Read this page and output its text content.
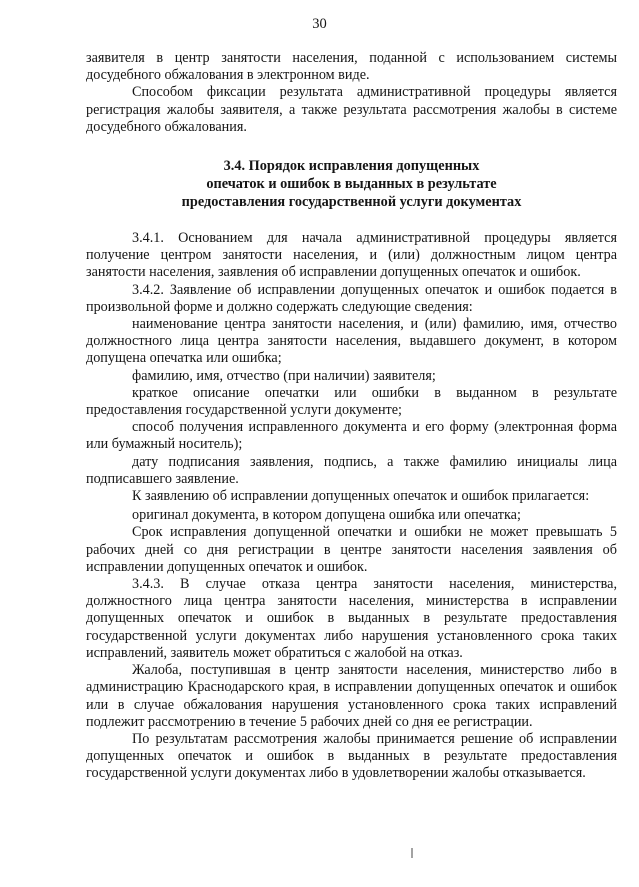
30

заявителя в центр занятости населения, поданной с использованием системы досудебного обжалования в электронном виде.

Способом фиксации результата административной процедуры является регистрация жалобы заявителя, а также результата рассмотрения жалобы в системе досудебного обжалования.

3.4. Порядок исправления допущенных
опечаток и ошибок в выданных в результате
предоставления государственной услуги документах

3.4.1. Основанием для начала административной процедуры является получение центром занятости населения, и (или) должностным лицом центра занятости населения, заявления об исправлении допущенных опечаток и ошибок.

3.4.2. Заявление об исправлении допущенных опечаток и ошибок подается в произвольной форме и должно содержать следующие сведения:

наименование центра занятости населения, и (или) фамилию, имя, отчество должностного лица центра занятости населения, выдавшего документ, в котором допущена опечатка или ошибка;

фамилию, имя, отчество (при наличии) заявителя;

краткое описание опечатки или ошибки в выданном в результате предоставления государственной услуги документе;

способ получения исправленного документа и его форму (электронная форма или бумажный носитель);

дату подписания заявления, подпись, а также фамилию инициалы лица подписавшего заявление.

К заявлению об исправлении допущенных опечаток и ошибок прилагается:

оригинал документа, в котором допущена ошибка или опечатка;

Срок исправления допущенной опечатки и ошибки не может превышать 5 рабочих дней со дня регистрации в центре занятости населения заявления об исправлении допущенных опечаток и ошибок.

3.4.3. В случае отказа центра занятости населения, министерства, должностного лица центра занятости населения, министерства в исправлении допущенных опечаток и ошибок в выданных в результате предоставления государственной услуги документах либо нарушения установленного срока таких исправлений, заявитель может обратиться с жалобой на отказ.

Жалоба, поступившая в центр занятости населения, министерство либо в администрацию Краснодарского края, в исправлении допущенных опечаток и ошибок или в случае обжалования нарушения установленного срока таких исправлений подлежит рассмотрению в течение 5 рабочих дней со дня ее регистрации.

По результатам рассмотрения жалобы принимается решение об исправлении допущенных опечаток и ошибок в выданных в результате предоставления государственной услуги документах либо в удовлетворении жалобы отказывается.
